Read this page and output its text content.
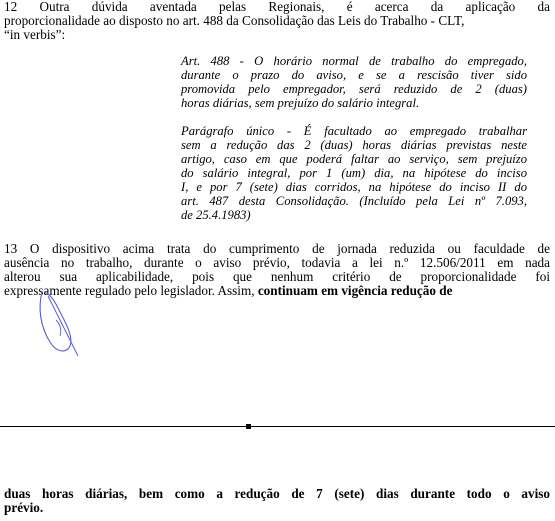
12 Outra dúvida aventada pelas Regionais, é acerca da aplicação da
proporcionalidade ao disposto no art. 488 da Consolidação das Leis do Trabalho - CLT,
“in verbis”:
Art. 488 - O horário normal de trabalho do empregado,
durante o prazo do aviso, e se a rescisão tiver sido
promovida pelo empregador, será reduzido de 2 (duas)
horas diárias, sem prejuízo do salário integral.
Parágrafo único - É facultado ao empregado trabalhar
sem a redução das 2 (duas) horas diárias previstas neste
artigo, caso em que poderá faltar ao serviço, sem prejuízo
do salário integral, por 1 (um) dia, na hipótese do inciso
I, e por 7 (sete) dias corridos, na hipótese do inciso II do
art. 487 desta Consolidação. (Incluído pela Lei nº 7.093,
de 25.4.1983)
13 O dispositivo acima trata do cumprimento de jornada reduzida ou faculdade de
ausência no trabalho, durante o aviso prévio, todavia a lei n.º 12.506/2011 em nada
alterou sua aplicabilidade, pois que nenhum critério de proporcionalidade foi
expressamente regulado pelo legislador. Assim, continuam em vigência redução de
duas horas diárias, bem como a redução de 7 (sete) dias durante todo o aviso
prévio.
